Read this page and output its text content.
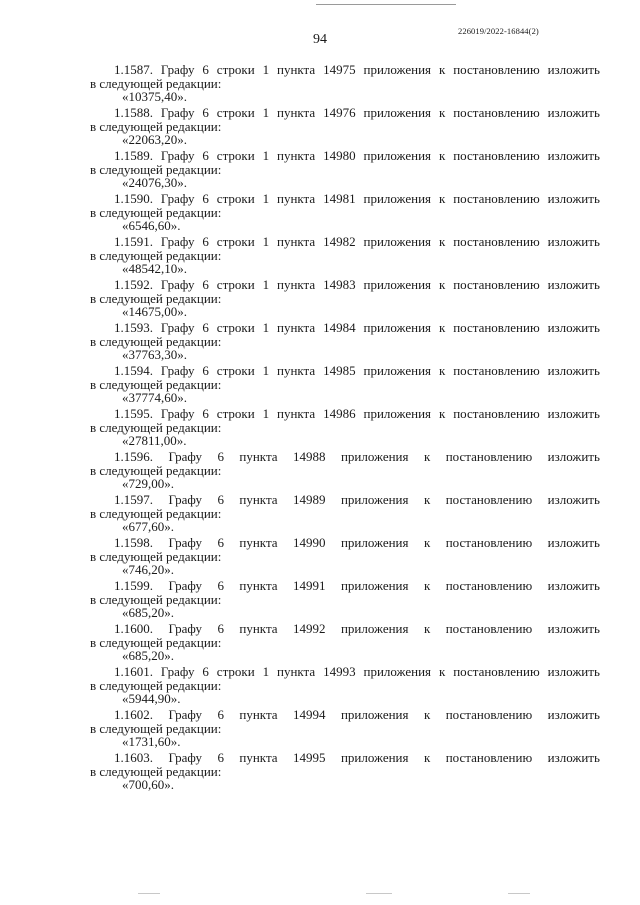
226019/2022-16844(2)
94
1.1587. Графу 6 строки 1 пункта 14975 приложения к постановлению изложить
в следующей редакции:
«10375,40».
1.1588. Графу 6 строки 1 пункта 14976 приложения к постановлению изложить
в следующей редакции:
«22063,20».
1.1589. Графу 6 строки 1 пункта 14980 приложения к постановлению изложить
в следующей редакции:
«24076,30».
1.1590. Графу 6 строки 1 пункта 14981 приложения к постановлению изложить
в следующей редакции:
«6546,60».
1.1591. Графу 6 строки 1 пункта 14982 приложения к постановлению изложить
в следующей редакции:
«48542,10».
1.1592. Графу 6 строки 1 пункта 14983 приложения к постановлению изложить
в следующей редакции:
«14675,00».
1.1593. Графу 6 строки 1 пункта 14984 приложения к постановлению изложить
в следующей редакции:
«37763,30».
1.1594. Графу 6 строки 1 пункта 14985 приложения к постановлению изложить
в следующей редакции:
«37774,60».
1.1595. Графу 6 строки 1 пункта 14986 приложения к постановлению изложить
в следующей редакции:
«27811,00».
1.1596. Графу 6 пункта 14988 приложения к постановлению изложить
в следующей редакции:
«729,00».
1.1597. Графу 6 пункта 14989 приложения к постановлению изложить
в следующей редакции:
«677,60».
1.1598. Графу 6 пункта 14990 приложения к постановлению изложить
в следующей редакции:
«746,20».
1.1599. Графу 6 пункта 14991 приложения к постановлению изложить
в следующей редакции:
«685,20».
1.1600. Графу 6 пункта 14992 приложения к постановлению изложить
в следующей редакции:
«685,20».
1.1601. Графу 6 строки 1 пункта 14993 приложения к постановлению изложить
в следующей редакции:
«5944,90».
1.1602. Графу 6 пункта 14994 приложения к постановлению изложить
в следующей редакции:
«1731,60».
1.1603. Графу 6 пункта 14995 приложения к постановлению изложить
в следующей редакции:
«700,60».
